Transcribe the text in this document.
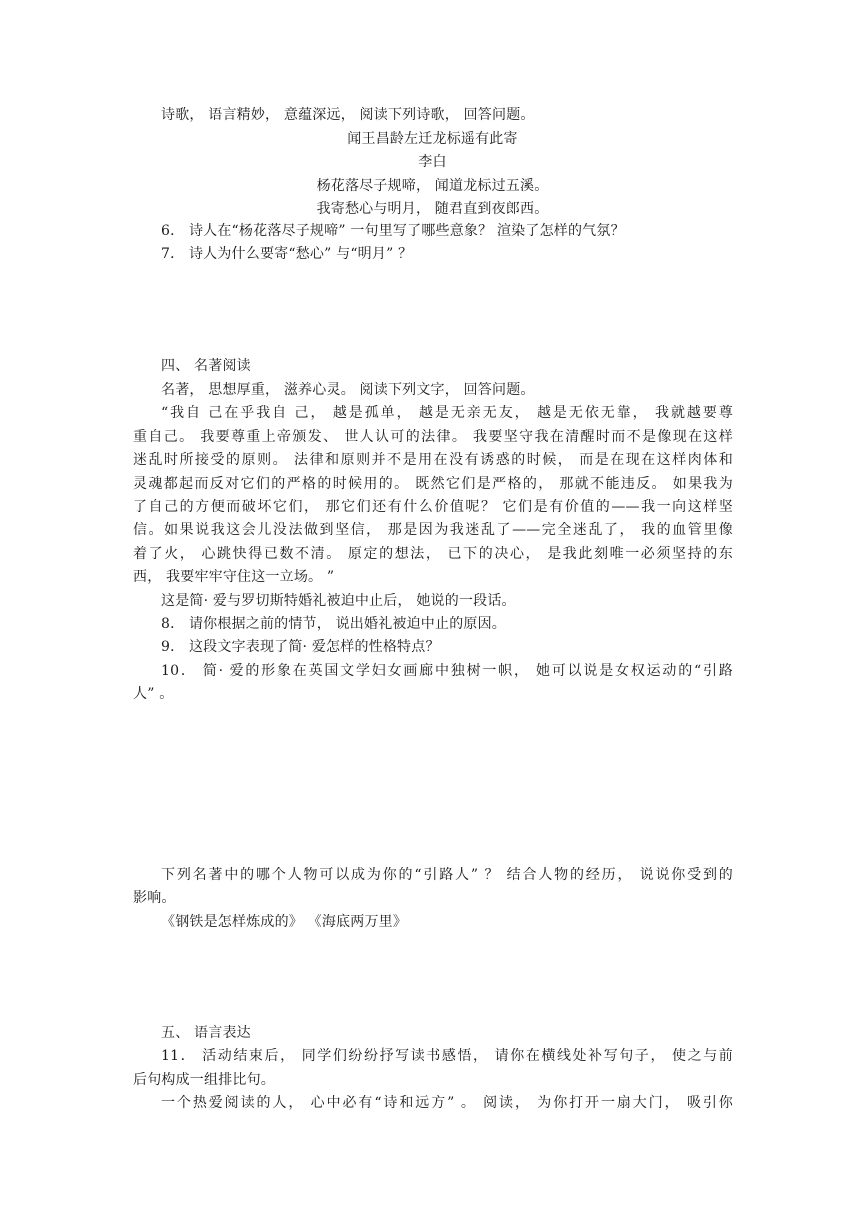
诗歌， 语言精妙， 意蕴深远， 阅读下列诗歌， 回答问题。

闻王昌龄左迁龙标遥有此寄

李白

杨花落尽子规啼， 闻道龙标过五溪。

我寄愁心与明月， 随君直到夜郎西。

6． 诗人在“杨花落尽子规啼” 一句里写了哪些意象？ 渲染了怎样的气氛？

7． 诗人为什么要寄“愁心” 与“明月” ？

四、 名著阅读

名著， 思想厚重， 滋养心灵。 阅读下列文字， 回答问题。

“我自 己在乎我自 己， 越是孤单， 越是无亲无友， 越是无依无靠， 我就越要尊

重自己。 我要尊重上帝颁发、 世人认可的法律。 我要坚守我在清醒时而不是像现在这样

迷乱时所接受的原则。 法律和原则并不是用在没有诱惑的时候， 而是在现在这样肉体和

灵魂都起而反对它们的严格的时候用的。 既然它们是严格的， 那就不能违反。 如果我为

了自己的方便而破坏它们， 那它们还有什么价值呢？ 它们是有价值的——我一向这样坚

信。如果说我这会儿没法做到坚信， 那是因为我迷乱了——完全迷乱了， 我的血管里像

着了火， 心跳快得已数不清。 原定的想法， 已下的决心， 是我此刻唯一必须坚持的东

西， 我要牢牢守住这一立场。 ”

这是简· 爱与罗切斯特婚礼被迫中止后， 她说的一段话。

8． 请你根据之前的情节， 说出婚礼被迫中止的原因。

9． 这段文字表现了简· 爱怎样的性格特点？

10． 简· 爱的形象在英国文学妇女画廊中独树一帜， 她可以说是女权运动的“引路

人” 。

下列名著中的哪个人物可以成为你的“引路人” ？ 结合人物的经历， 说说你受到的

影响。

《钢铁是怎样炼成的》 《海底两万里》

五、 语言表达

11． 活动结束后， 同学们纷纷抒写读书感悟， 请你在横线处补写句子， 使之与前

后句构成一组排比句。

一个热爱阅读的人， 心中必有“诗和远方” 。 阅读， 为你打开一扇大门， 吸引你
